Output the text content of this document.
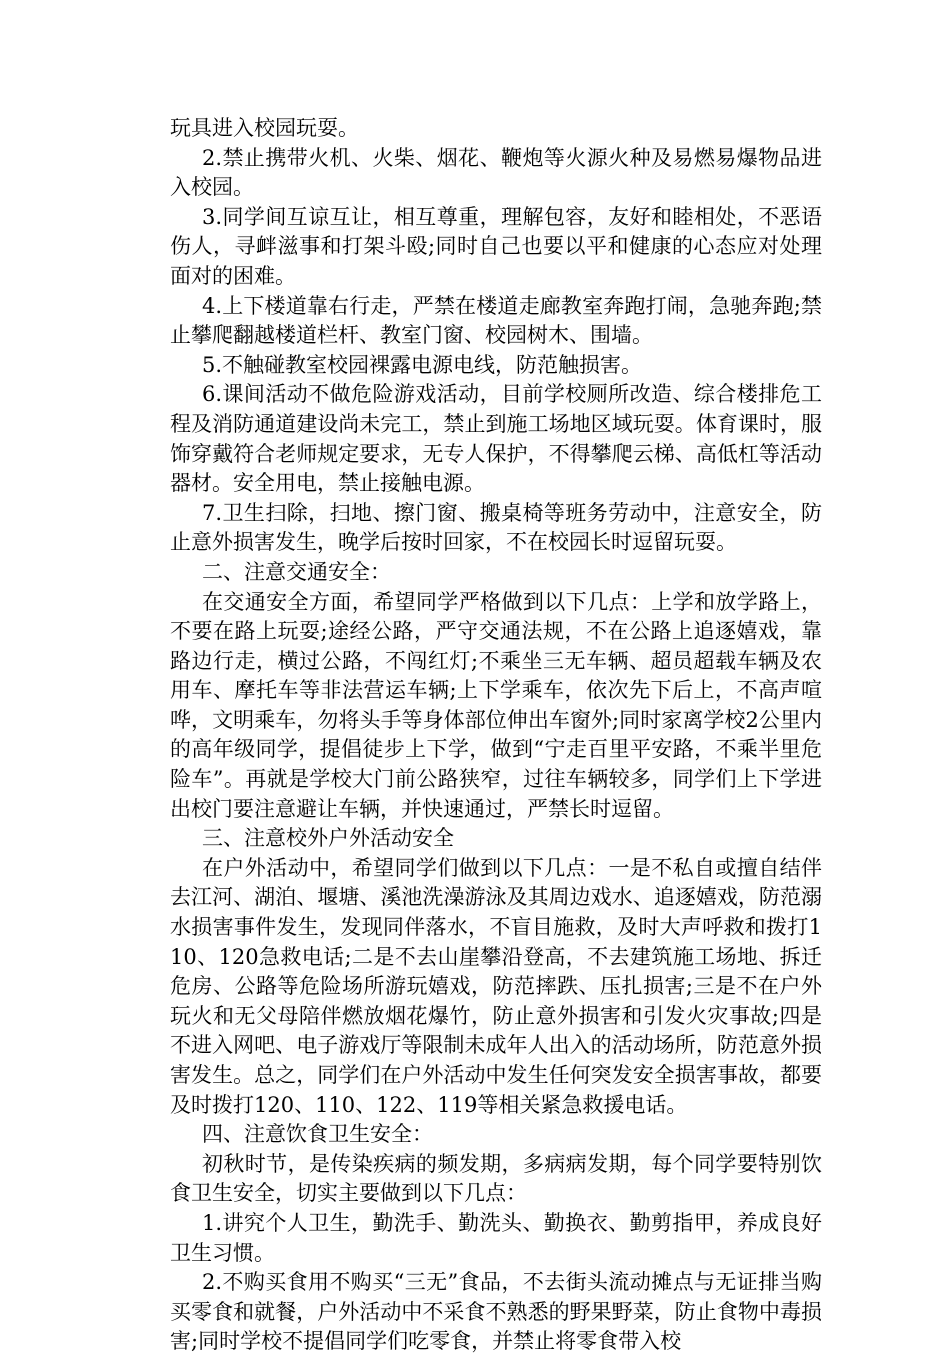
玩具进入校园玩耍。

2.禁止携带火机、火柴、烟花、鞭炮等火源火种及易燃易爆物品进入校园。

3.同学间互谅互让，相互尊重，理解包容，友好和睦相处，不恶语伤人，寻衅滋事和打架斗殴;同时自己也要以平和健康的心态应对处理面对的困难。

4.上下楼道靠右行走，严禁在楼道走廊教室奔跑打闹，急驰奔跑;禁止攀爬翻越楼道栏杆、教室门窗、校园树木、围墙。

5.不触碰教室校园裸露电源电线，防范触损害。

6.课间活动不做危险游戏活动，目前学校厕所改造、综合楼排危工程及消防通道建设尚未完工，禁止到施工场地区域玩耍。体育课时，服饰穿戴符合老师规定要求，无专人保护，不得攀爬云梯、高低杠等活动器材。安全用电，禁止接触电源。

7.卫生扫除，扫地、擦门窗、搬桌椅等班务劳动中，注意安全，防止意外损害发生，晚学后按时回家，不在校园长时逗留玩耍。

二、注意交通安全：

在交通安全方面，希望同学严格做到以下几点：上学和放学路上，不要在路上玩耍;途经公路，严守交通法规，不在公路上追逐嬉戏，靠路边行走，横过公路，不闯红灯;不乘坐三无车辆、超员超载车辆及农用车、摩托车等非法营运车辆;上下学乘车，依次先下后上，不高声喧哗，文明乘车，勿将头手等身体部位伸出车窗外;同时家离学校2公里内的高年级同学，提倡徒步上下学，做到“宁走百里平安路，不乘半里危险车”。再就是学校大门前公路狭窄，过往车辆较多，同学们上下学进出校门要注意避让车辆，并快速通过，严禁长时逗留。

三、注意校外户外活动安全

在户外活动中，希望同学们做到以下几点：一是不私自或擅自结伴去江河、湖泊、堰塘、溪池洗澡游泳及其周边戏水、追逐嬉戏，防范溺水损害事件发生，发现同伴落水，不盲目施救，及时大声呼救和拨打110、120急救电话;二是不去山崖攀沿登高，不去建筑施工场地、拆迁危房、公路等危险场所游玩嬉戏，防范摔跌、压扎损害;三是不在户外玩火和无父母陪伴燃放烟花爆竹，防止意外损害和引发火灾事故;四是不进入网吧、电子游戏厅等限制未成年人出入的活动场所，防范意外损害发生。总之，同学们在户外活动中发生任何突发安全损害事故，都要及时拨打120、110、122、119等相关紧急救援电话。

四、注意饮食卫生安全：

初秋时节，是传染疾病的频发期，多病病发期，每个同学要特别饮食卫生安全，切实主要做到以下几点：

1.讲究个人卫生，勤洗手、勤洗头、勤换衣、勤剪指甲，养成良好卫生习惯。

2.不购买食用不购买“三无”食品，不去街头流动摊点与无证排当购买零食和就餐，户外活动中不采食不熟悉的野果野菜，防止食物中毒损害;同时学校不提倡同学们吃零食，并禁止将零食带入校
